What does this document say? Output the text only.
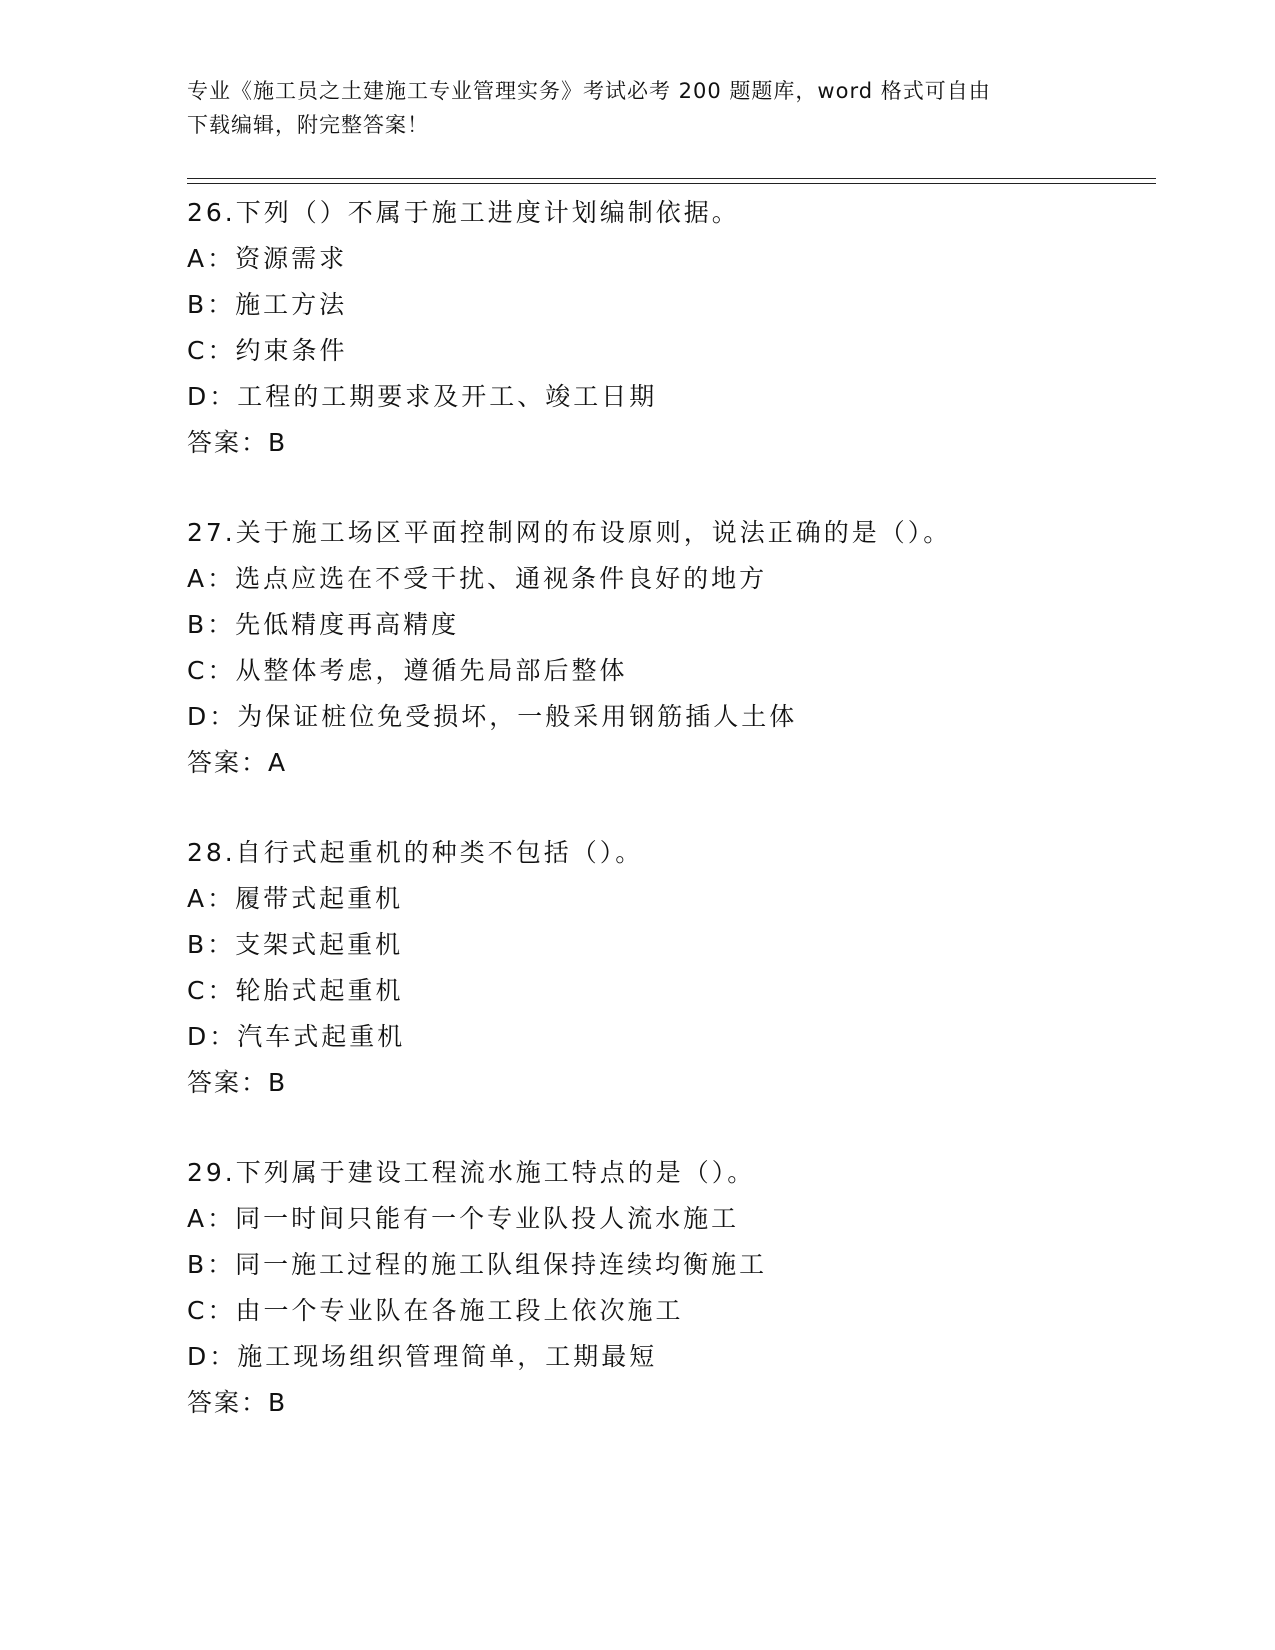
专业《施工员之土建施工专业管理实务》考试必考 200 题题库，word 格式可自由
下载编辑，附完整答案！
26.下列（）不属于施工进度计划编制依据。
A：资源需求
B：施工方法
C：约束条件
D：工程的工期要求及开工、竣工日期
答案：B
27.关于施工场区平面控制网的布设原则，说法正确的是（）。
A：选点应选在不受干扰、通视条件良好的地方
B：先低精度再高精度
C：从整体考虑，遵循先局部后整体
D：为保证桩位免受损坏，一般采用钢筋插人土体
答案：A
28.自行式起重机的种类不包括（）。
A：履带式起重机
B：支架式起重机
C：轮胎式起重机
D：汽车式起重机
答案：B
29.下列属于建设工程流水施工特点的是（）。
A：同一时间只能有一个专业队投人流水施工
B：同一施工过程的施工队组保持连续均衡施工
C：由一个专业队在各施工段上依次施工
D：施工现场组织管理简单，工期最短
答案：B
